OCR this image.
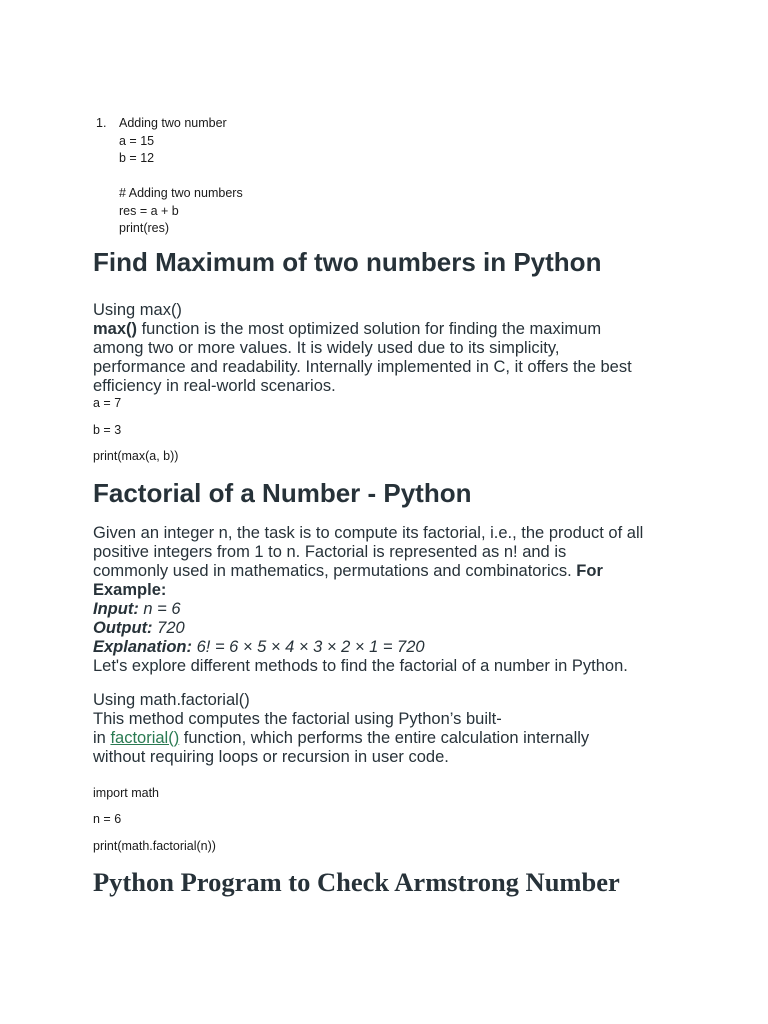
1. Adding two number
a = 15
b = 12
# Adding two numbers
res = a + b
print(res)
Find Maximum of two numbers in Python
Using max()
max() function is the most optimized solution for finding the maximum
among two or more values. It is widely used due to its simplicity,
performance and readability. Internally implemented in C, it offers the best
efficiency in real-world scenarios.
a = 7
b = 3
print(max(a, b))
Factorial of a Number - Python
Given an integer n, the task is to compute its factorial, i.e., the product of all
positive integers from 1 to n. Factorial is represented as n! and is
commonly used in mathematics, permutations and combinatorics. For
Example:
Input: n = 6
Output: 720
Explanation: 6! = 6 × 5 × 4 × 3 × 2 × 1 = 720
Let's explore different methods to find the factorial of a number in Python.
Using math.factorial()
This method computes the factorial using Python’s built-
in factorial() function, which performs the entire calculation internally
without requiring loops or recursion in user code.
import math
n = 6
print(math.factorial(n))
Python Program to Check Armstrong Number
